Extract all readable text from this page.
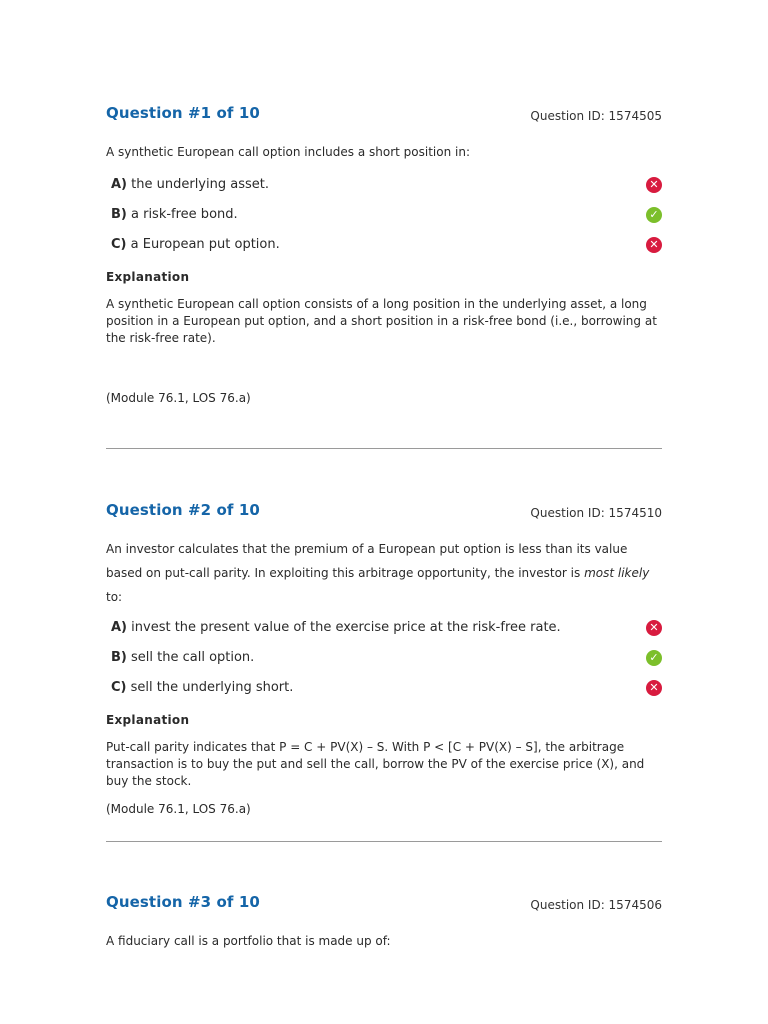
Question #1 of 10	Question ID: 1574505

A synthetic European call option includes a short position in:

A) the underlying asset.	✕
B) a risk-free bond.	✓
C) a European put option.	✕

Explanation

A synthetic European call option consists of a long position in the underlying asset, a long position in a European put option, and a short position in a risk-free bond (i.e., borrowing at the risk-free rate).

(Module 76.1, LOS 76.a)

Question #2 of 10	Question ID: 1574510

An investor calculates that the premium of a European put option is less than its value based on put-call parity. In exploiting this arbitrage opportunity, the investor is most likely to:

A) invest the present value of the exercise price at the risk-free rate.	✕
B) sell the call option.	✓
C) sell the underlying short.	✕

Explanation

Put-call parity indicates that P = C + PV(X) – S. With P < [C + PV(X) – S], the arbitrage transaction is to buy the put and sell the call, borrow the PV of the exercise price (X), and buy the stock.

(Module 76.1, LOS 76.a)

Question #3 of 10	Question ID: 1574506

A fiduciary call is a portfolio that is made up of:
